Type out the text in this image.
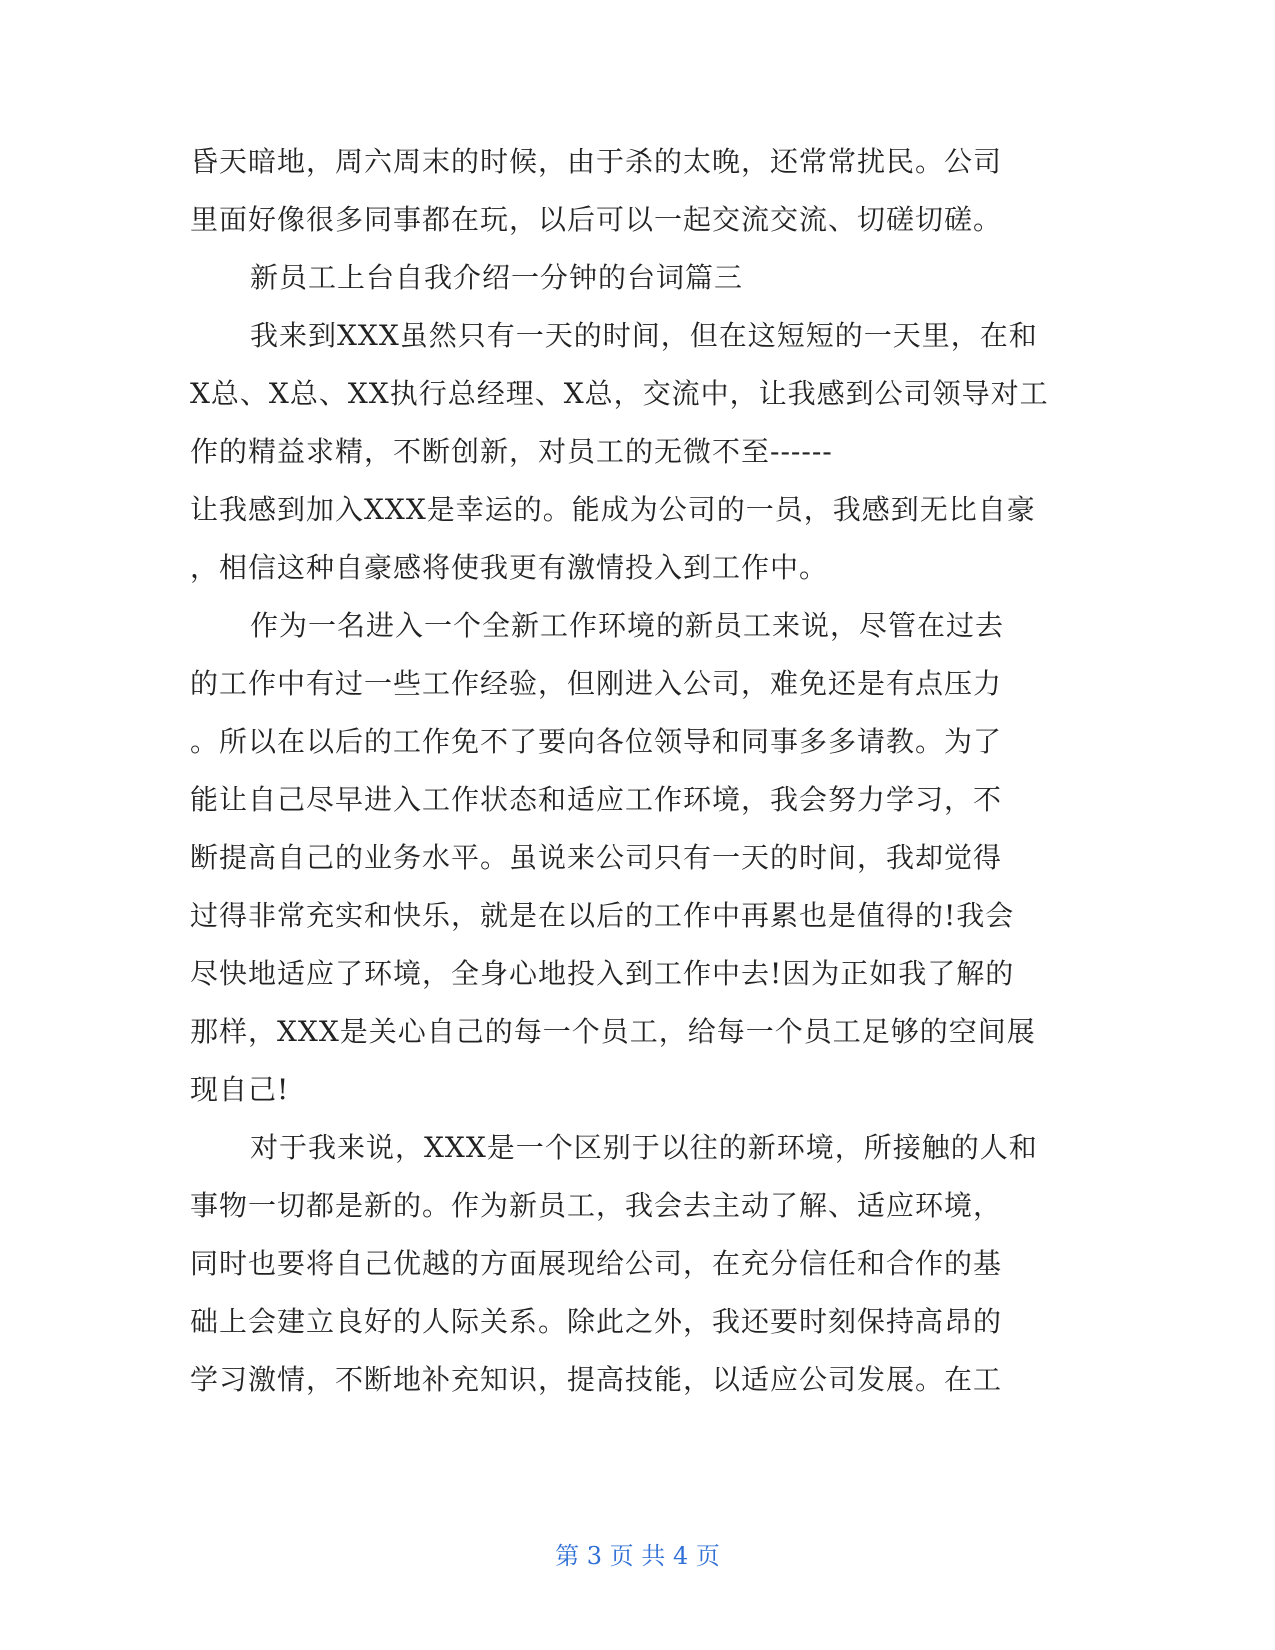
昏天暗地，周六周末的时候，由于杀的太晚，还常常扰民。公司
里面好像很多同事都在玩，以后可以一起交流交流、切磋切磋。
新员工上台自我介绍一分钟的台词篇三
我来到XXX虽然只有一天的时间，但在这短短的一天里，在和
X总、X总、XX执行总经理、X总，交流中，让我感到公司领导对工
作的精益求精，不断创新，对员工的无微不至------
让我感到加入XXX是幸运的。能成为公司的一员，我感到无比自豪
，相信这种自豪感将使我更有激情投入到工作中。
作为一名进入一个全新工作环境的新员工来说，尽管在过去
的工作中有过一些工作经验，但刚进入公司，难免还是有点压力
。所以在以后的工作免不了要向各位领导和同事多多请教。为了
能让自己尽早进入工作状态和适应工作环境，我会努力学习，不
断提高自己的业务水平。虽说来公司只有一天的时间，我却觉得
过得非常充实和快乐，就是在以后的工作中再累也是值得的!我会
尽快地适应了环境，全身心地投入到工作中去!因为正如我了解的
那样，XXX是关心自己的每一个员工，给每一个员工足够的空间展
现自己!
对于我来说，XXX是一个区别于以往的新环境，所接触的人和
事物一切都是新的。作为新员工，我会去主动了解、适应环境，
同时也要将自己优越的方面展现给公司，在充分信任和合作的基
础上会建立良好的人际关系。除此之外，我还要时刻保持高昂的
学习激情，不断地补充知识，提高技能，以适应公司发展。在工
第 3 页 共 4 页
